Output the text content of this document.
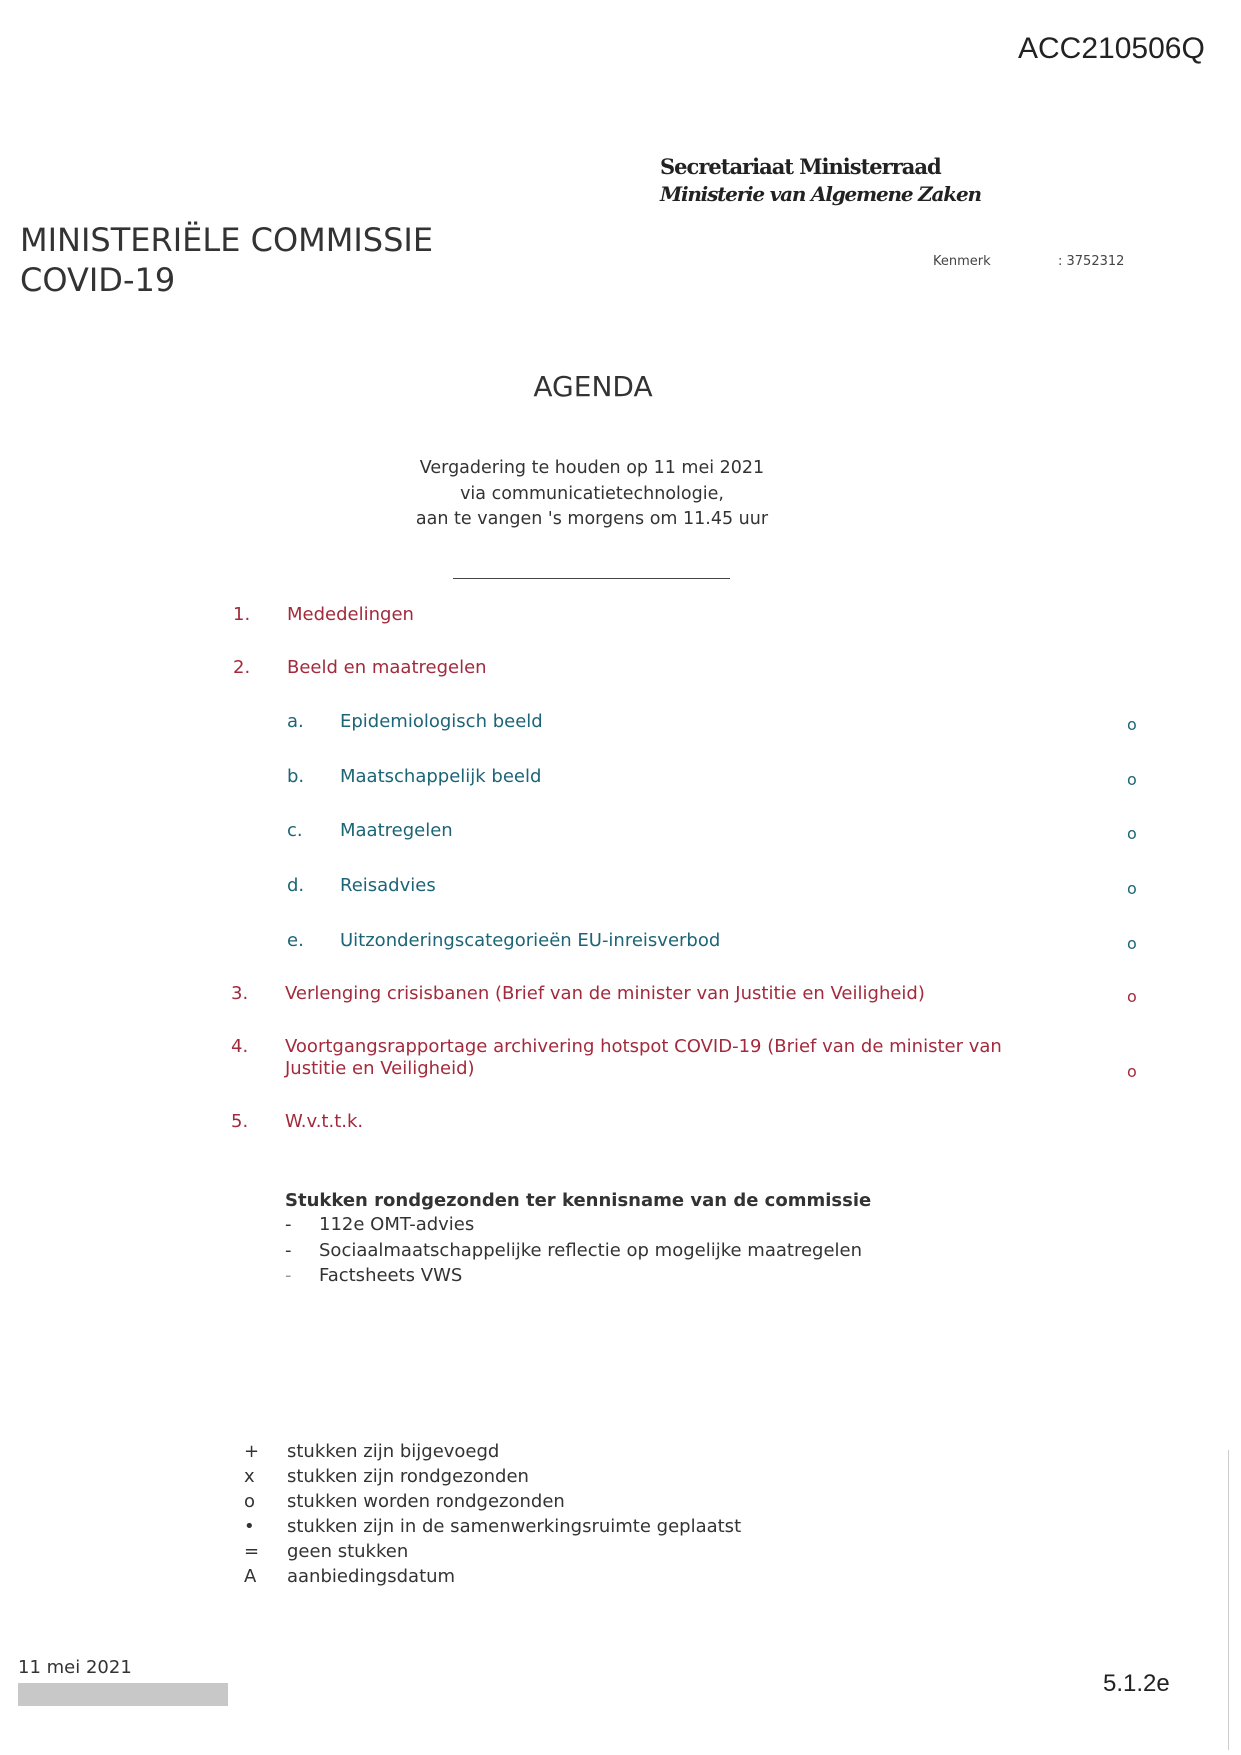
ACC210506Q
Secretariaat Ministerraad
Ministerie van Algemene Zaken
MINISTERIËLE COMMISSIE
COVID-19	Kenmerk	: 3752312
AGENDA
Vergadering te houden op 11 mei 2021
via communicatietechnologie,
aan te vangen 's morgens om 11.45 uur
1. Mededelingen
2. Beeld en maatregelen
a. Epidemiologisch beeld	o
b. Maatschappelijk beeld	o
c. Maatregelen	o
d. Reisadvies	o
e. Uitzonderingscategorieën EU-inreisverbod	o
3. Verlenging crisisbanen (Brief van de minister van Justitie en Veiligheid)	o
4. Voortgangsrapportage archivering hotspot COVID-19 (Brief van de minister van
Justitie en Veiligheid)	o
5. W.v.t.t.k.
Stukken rondgezonden ter kennisname van de commissie
- 112e OMT-advies
- Sociaalmaatschappelijke reflectie op mogelijke maatregelen
- Factsheets VWS
+ stukken zijn bijgevoegd
x stukken zijn rondgezonden
o stukken worden rondgezonden
• stukken zijn in de samenwerkingsruimte geplaatst
= geen stukken
A aanbiedingsdatum
11 mei 2021
5.1.2e
